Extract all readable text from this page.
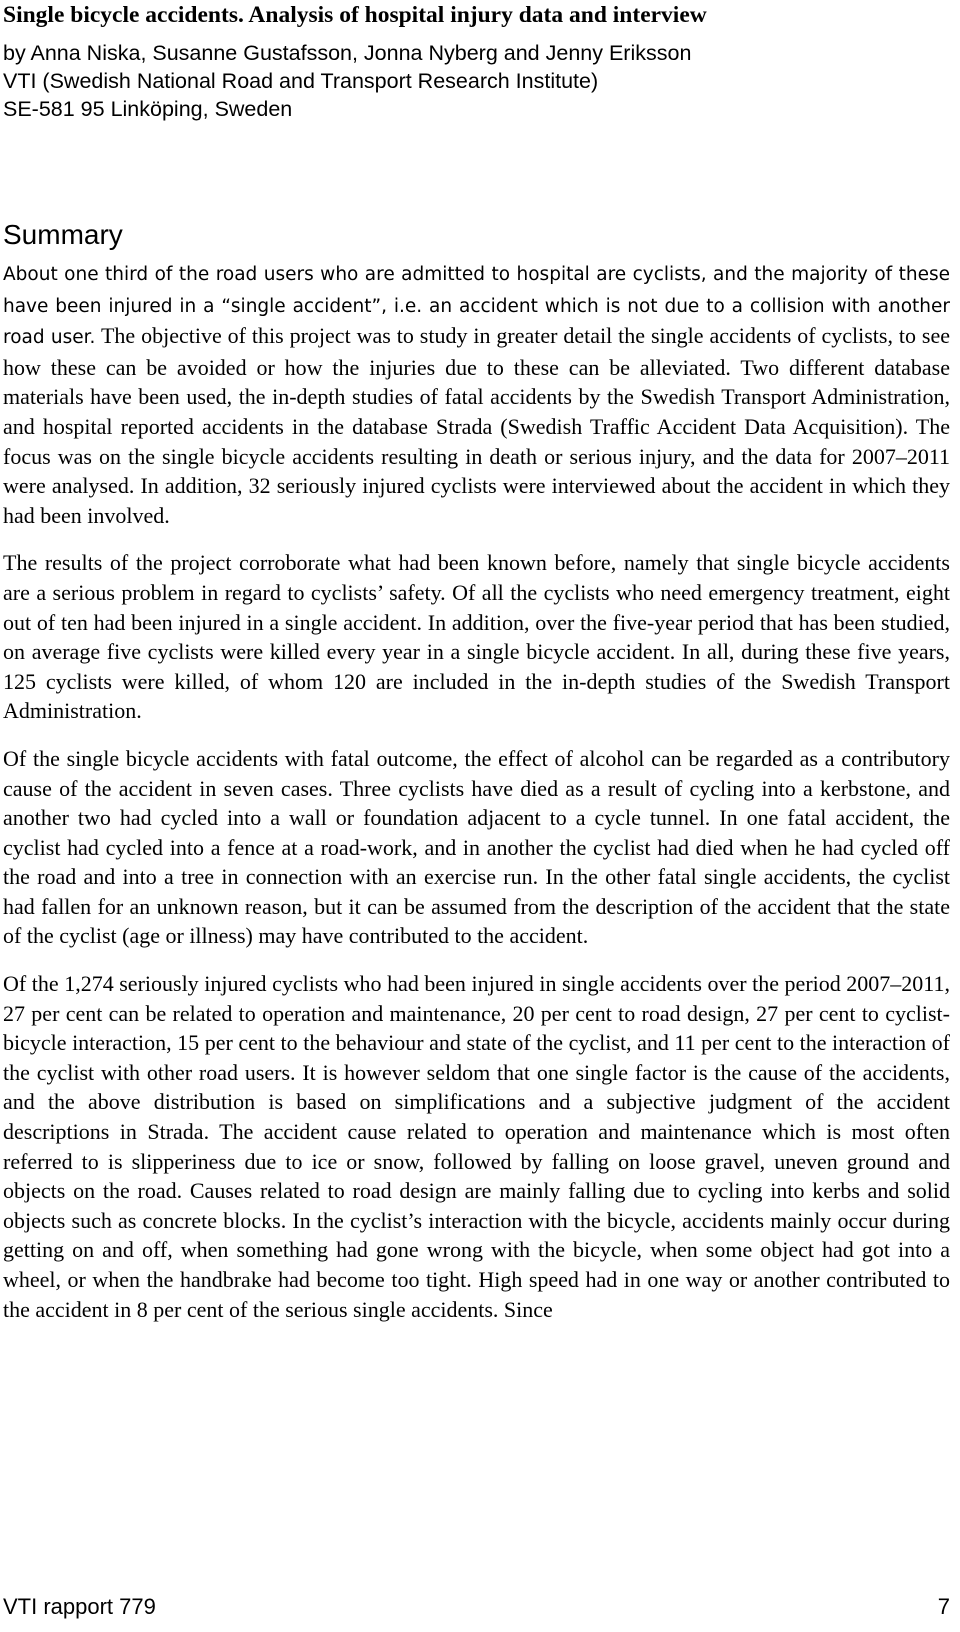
Single bicycle accidents. Analysis of hospital injury data and interview
by Anna Niska, Susanne Gustafsson, Jonna Nyberg and Jenny Eriksson
VTI (Swedish National Road and Transport Research Institute)
SE-581 95 Linköping, Sweden
Summary

About one third of the road users who are admitted to hospital are cyclists, and the majority of these have been injured in a “single accident”, i.e. an accident which is not due to a collision with another road user. The objective of this project was to study in greater detail the single accidents of cyclists, to see how these can be avoided or how the injuries due to these can be alleviated. Two different database materials have been used, the in-depth studies of fatal accidents by the Swedish Transport Administration, and hospital reported accidents in the database Strada (Swedish Traffic Accident Data Acquisition). The focus was on the single bicycle accidents resulting in death or serious injury, and the data for 2007–2011 were analysed. In addition, 32 seriously injured cyclists were interviewed about the accident in which they had been involved.

The results of the project corroborate what had been known before, namely that single bicycle accidents are a serious problem in regard to cyclists’ safety. Of all the cyclists who need emergency treatment, eight out of ten had been injured in a single accident. In addition, over the five-year period that has been studied, on average five cyclists were killed every year in a single bicycle accident. In all, during these five years, 125 cyclists were killed, of whom 120 are included in the in-depth studies of the Swedish Transport Administration.

Of the single bicycle accidents with fatal outcome, the effect of alcohol can be regarded as a contributory cause of the accident in seven cases. Three cyclists have died as a result of cycling into a kerbstone, and another two had cycled into a wall or foundation adjacent to a cycle tunnel. In one fatal accident, the cyclist had cycled into a fence at a road-work, and in another the cyclist had died when he had cycled off the road and into a tree in connection with an exercise run. In the other fatal single accidents, the cyclist had fallen for an unknown reason, but it can be assumed from the description of the accident that the state of the cyclist (age or illness) may have contributed to the accident.

Of the 1,274 seriously injured cyclists who had been injured in single accidents over the period 2007–2011, 27 per cent can be related to operation and maintenance, 20 per cent to road design, 27 per cent to cyclist-bicycle interaction, 15 per cent to the behaviour and state of the cyclist, and 11 per cent to the interaction of the cyclist with other road users. It is however seldom that one single factor is the cause of the accidents, and the above distribution is based on simplifications and a subjective judgment of the accident descriptions in Strada. The accident cause related to operation and maintenance which is most often referred to is slipperiness due to ice or snow, followed by falling on loose gravel, uneven ground and objects on the road. Causes related to road design are mainly falling due to cycling into kerbs and solid objects such as concrete blocks. In the cyclist’s interaction with the bicycle, accidents mainly occur during getting on and off, when something had gone wrong with the bicycle, when some object had got into a wheel, or when the handbrake had become too tight. High speed had in one way or another contributed to the accident in 8 per cent of the serious single accidents. Since

VTI rapport 779	7
